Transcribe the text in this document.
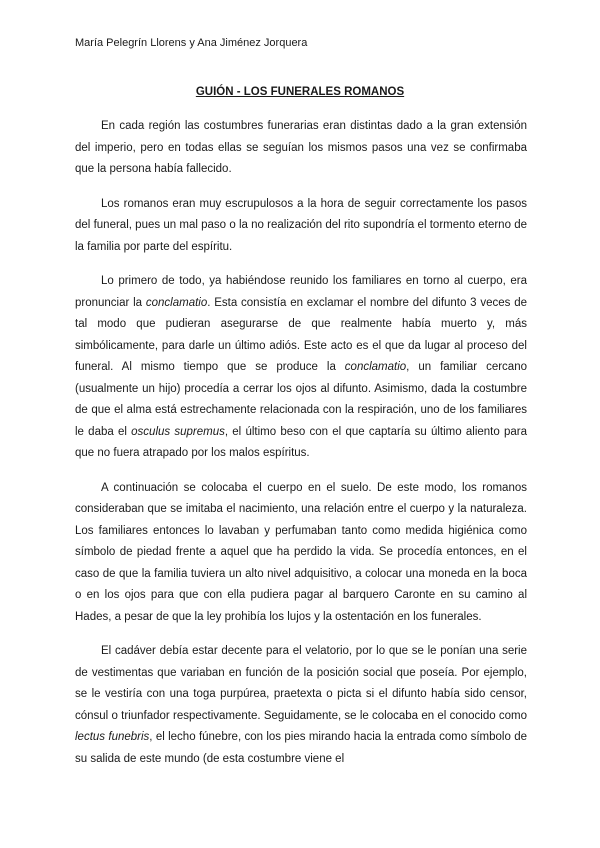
María Pelegrín Llorens y Ana Jiménez Jorquera
GUIÓN - LOS FUNERALES ROMANOS

En cada región las costumbres funerarias eran distintas dado a la gran extensión del imperio, pero en todas ellas se seguían los mismos pasos una vez se confirmaba que la persona había fallecido.

Los romanos eran muy escrupulosos a la hora de seguir correctamente los pasos del funeral, pues un mal paso o la no realización del rito supondría el tormento eterno de la familia por parte del espíritu.

Lo primero de todo, ya habiéndose reunido los familiares en torno al cuerpo, era pronunciar la conclamatio. Esta consistía en exclamar el nombre del difunto 3 veces de tal modo que pudieran asegurarse de que realmente había muerto y, más simbólicamente, para darle un último adiós. Este acto es el que da lugar al proceso del funeral. Al mismo tiempo que se produce la conclamatio, un familiar cercano (usualmente un hijo) procedía a cerrar los ojos al difunto. Asimismo, dada la costumbre de que el alma está estrechamente relacionada con la respiración, uno de los familiares le daba el osculus supremus, el último beso con el que captaría su último aliento para que no fuera atrapado por los malos espíritus.

A continuación se colocaba el cuerpo en el suelo. De este modo, los romanos consideraban que se imitaba el nacimiento, una relación entre el cuerpo y la naturaleza. Los familiares entonces lo lavaban y perfumaban tanto como medida higiénica como símbolo de piedad frente a aquel que ha perdido la vida. Se procedía entonces, en el caso de que la familia tuviera un alto nivel adquisitivo, a colocar una moneda en la boca o en los ojos para que con ella pudiera pagar al barquero Caronte en su camino al Hades, a pesar de que la ley prohibía los lujos y la ostentación en los funerales.

El cadáver debía estar decente para el velatorio, por lo que se le ponían una serie de vestimentas que variaban en función de la posición social que poseía. Por ejemplo, se le vestiría con una toga purpúrea, praetexta o picta si el difunto había sido censor, cónsul o triunfador respectivamente. Seguidamente, se le colocaba en el conocido como lectus funebris, el lecho fúnebre, con los pies mirando hacia la entrada como símbolo de su salida de este mundo (de esta costumbre viene el
